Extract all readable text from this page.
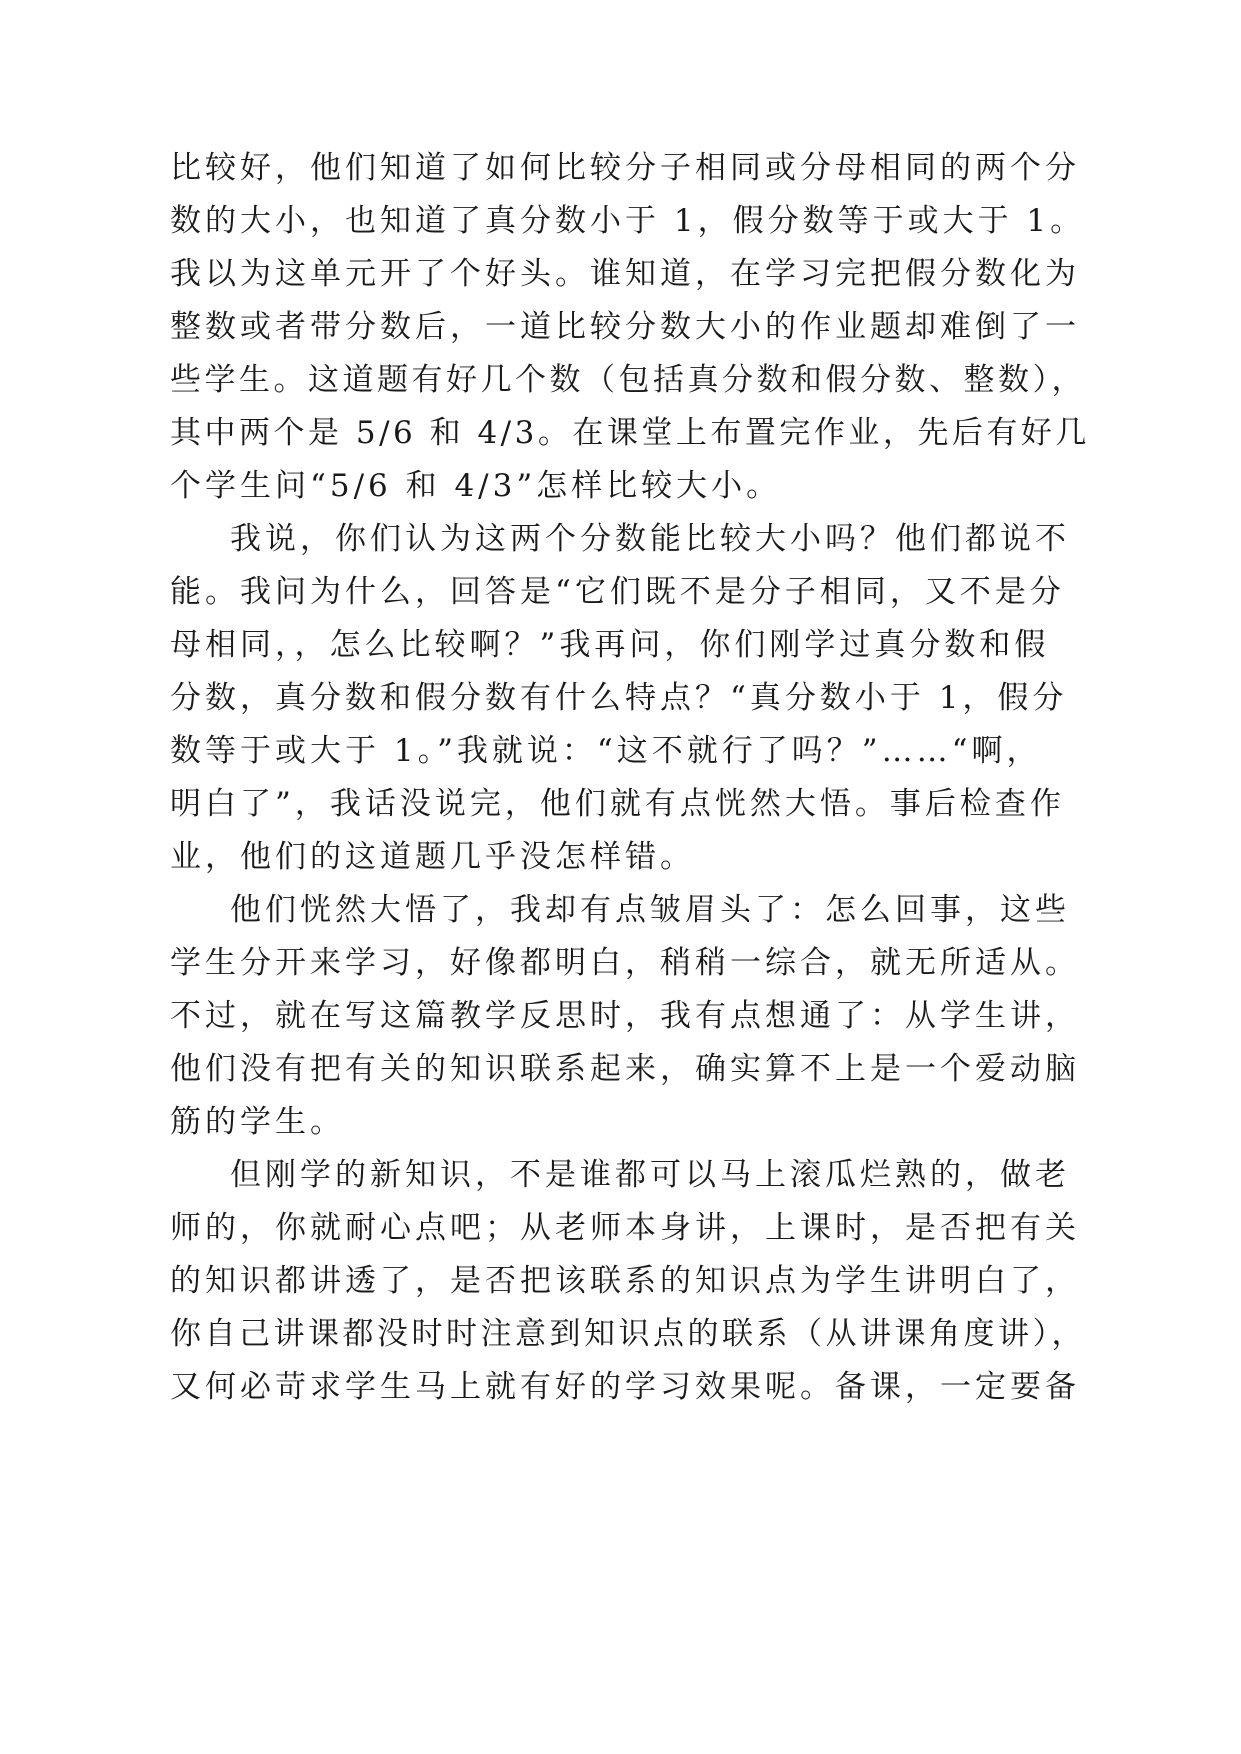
比较好，他们知道了如何比较分子相同或分母相同的两个分
数的大小，也知道了真分数小于 1，假分数等于或大于 1。
我以为这单元开了个好头。谁知道，在学习完把假分数化为
整数或者带分数后，一道比较分数大小的作业题却难倒了一
些学生。这道题有好几个数（包括真分数和假分数、整数），
其中两个是 5/6 和 4/3。在课堂上布置完作业，先后有好几
个学生问“5/6 和 4/3”怎样比较大小。
我说，你们认为这两个分数能比较大小吗？他们都说不
能。我问为什么，回答是“它们既不是分子相同，又不是分
母相同，，怎么比较啊？”我再问，你们刚学过真分数和假
分数，真分数和假分数有什么特点？“真分数小于 1，假分
数等于或大于 1。”我就说：“这不就行了吗？”……“啊，
明白了”，我话没说完，他们就有点恍然大悟。事后检查作
业，他们的这道题几乎没怎样错。
他们恍然大悟了，我却有点皱眉头了：怎么回事，这些
学生分开来学习，好像都明白，稍稍一综合，就无所适从。
不过，就在写这篇教学反思时，我有点想通了：从学生讲，
他们没有把有关的知识联系起来，确实算不上是一个爱动脑
筋的学生。
但刚学的新知识，不是谁都可以马上滚瓜烂熟的，做老
师的，你就耐心点吧；从老师本身讲，上课时，是否把有关
的知识都讲透了，是否把该联系的知识点为学生讲明白了，
你自己讲课都没时时注意到知识点的联系（从讲课角度讲），
又何必苛求学生马上就有好的学习效果呢。备课，一定要备
